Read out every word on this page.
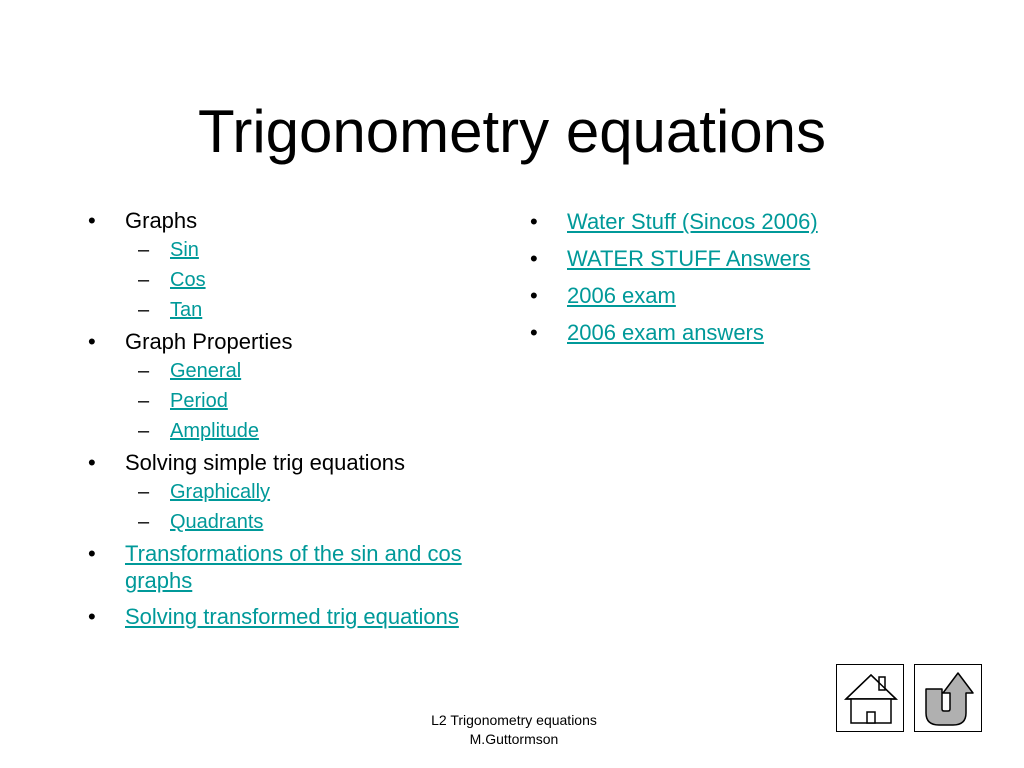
Trigonometry equations
• Graphs
– Sin
– Cos
– Tan
• Graph Properties
– General
– Period
– Amplitude
• Solving simple trig equations
– Graphically
– Quadrants
• Transformations of the sin and cos graphs
• Solving transformed trig equations
• Water Stuff (Sincos 2006)
• WATER STUFF Answers
• 2006 exam
• 2006 exam answers
L2 Trigonometry equations
M.Guttormson
